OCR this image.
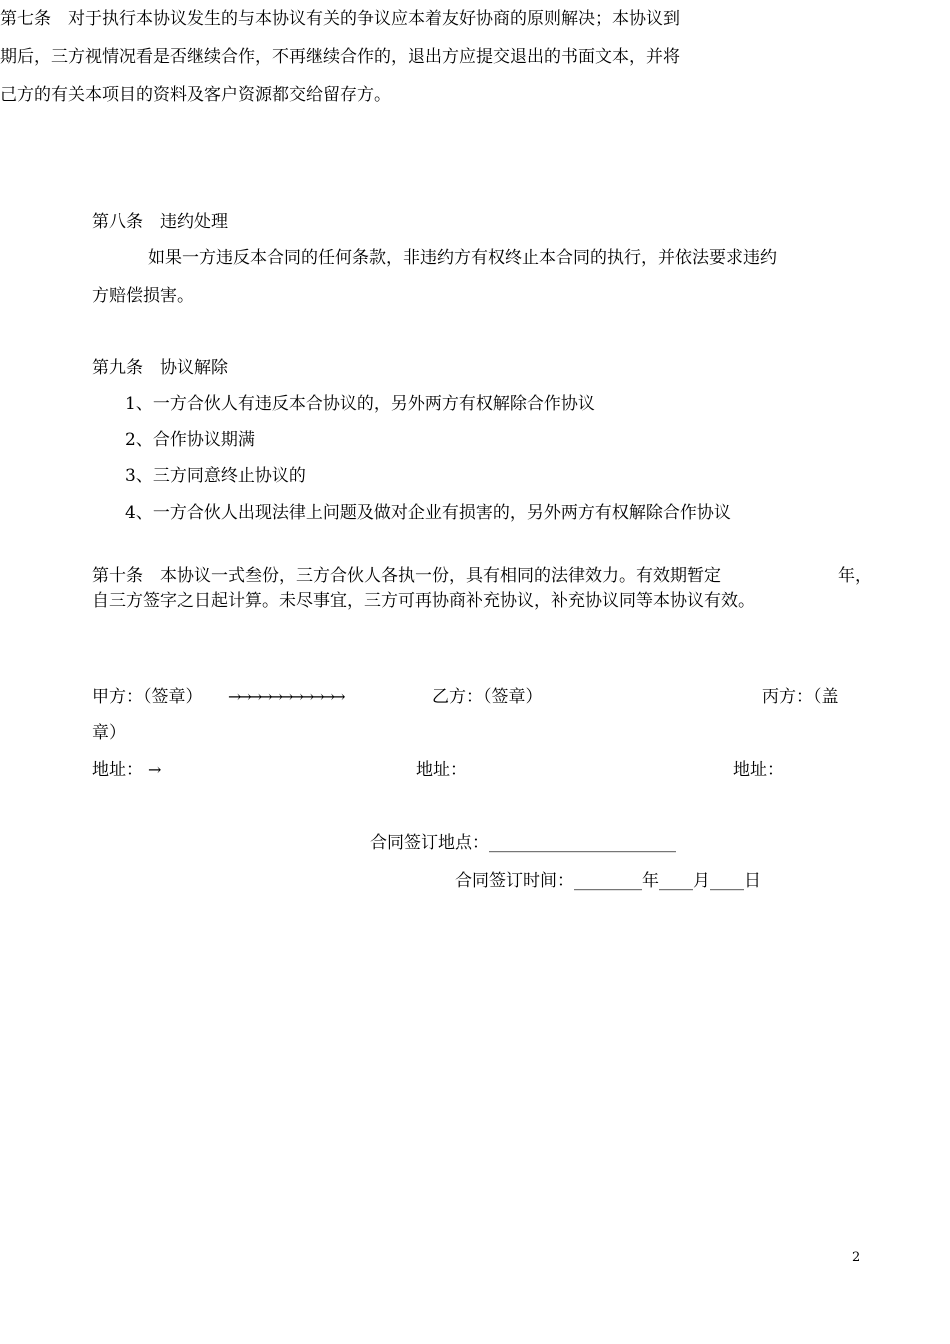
第七条　对于执行本协议发生的与本协议有关的争议应本着友好协商的原则解决；本协议到

期后，三方视情况看是否继续合作，不再继续合作的，退出方应提交退出的书面文本，并将

己方的有关本项目的资料及客户资源都交给留存方。

第八条　违约处理
如果一方违反本合同的任何条款，非违约方有权终止本合同的执行，并依法要求违约
方赔偿损害。
第九条　协议解除
1、一方合伙人有违反本合协议的，另外两方有权解除合作协议
2、合作协议期满
3、三方同意终止协议的
4、一方合伙人出现法律上问题及做对企业有损害的，另外两方有权解除合作协议
第十条　本协议一式叁份，三方合伙人各执一份，具有相同的法律效力。有效期暂定	年，
自三方签字之日起计算。未尽事宜，三方可再协商补充协议，补充协议同等本协议有效。
甲方：（签章） →→→→→→→→→→→	乙方：（签章）	丙方：（盖
章）
地址： →	地址：	地址：
合同签订地点：______________________
合同签订时间：________年____月____日
2
